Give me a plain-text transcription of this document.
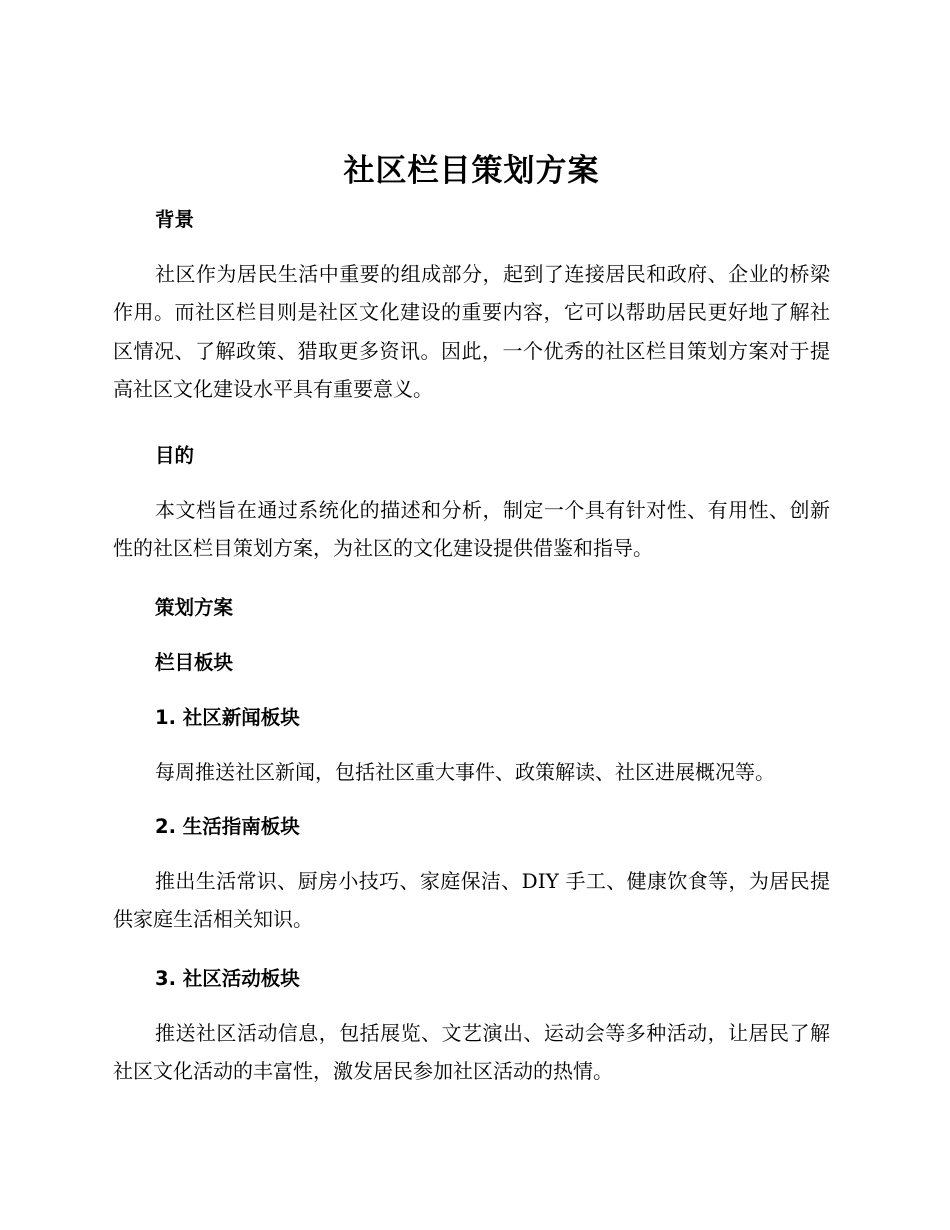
社区栏目策划方案
背景
社区作为居民生活中重要的组成部分，起到了连接居民和政府、企业的桥梁作用。而社区栏目则是社区文化建设的重要内容，它可以帮助居民更好地了解社区情况、了解政策、猎取更多资讯。因此，一个优秀的社区栏目策划方案对于提高社区文化建设水平具有重要意义。
目的
本文档旨在通过系统化的描述和分析，制定一个具有针对性、有用性、创新性的社区栏目策划方案，为社区的文化建设提供借鉴和指导。
策划方案
栏目板块
1. 社区新闻板块
每周推送社区新闻，包括社区重大事件、政策解读、社区进展概况等。
2. 生活指南板块
推出生活常识、厨房小技巧、家庭保洁、DIY 手工、健康饮食等，为居民提供家庭生活相关知识。
3. 社区活动板块
推送社区活动信息，包括展览、文艺演出、运动会等多种活动，让居民了解社区文化活动的丰富性，激发居民参加社区活动的热情。
